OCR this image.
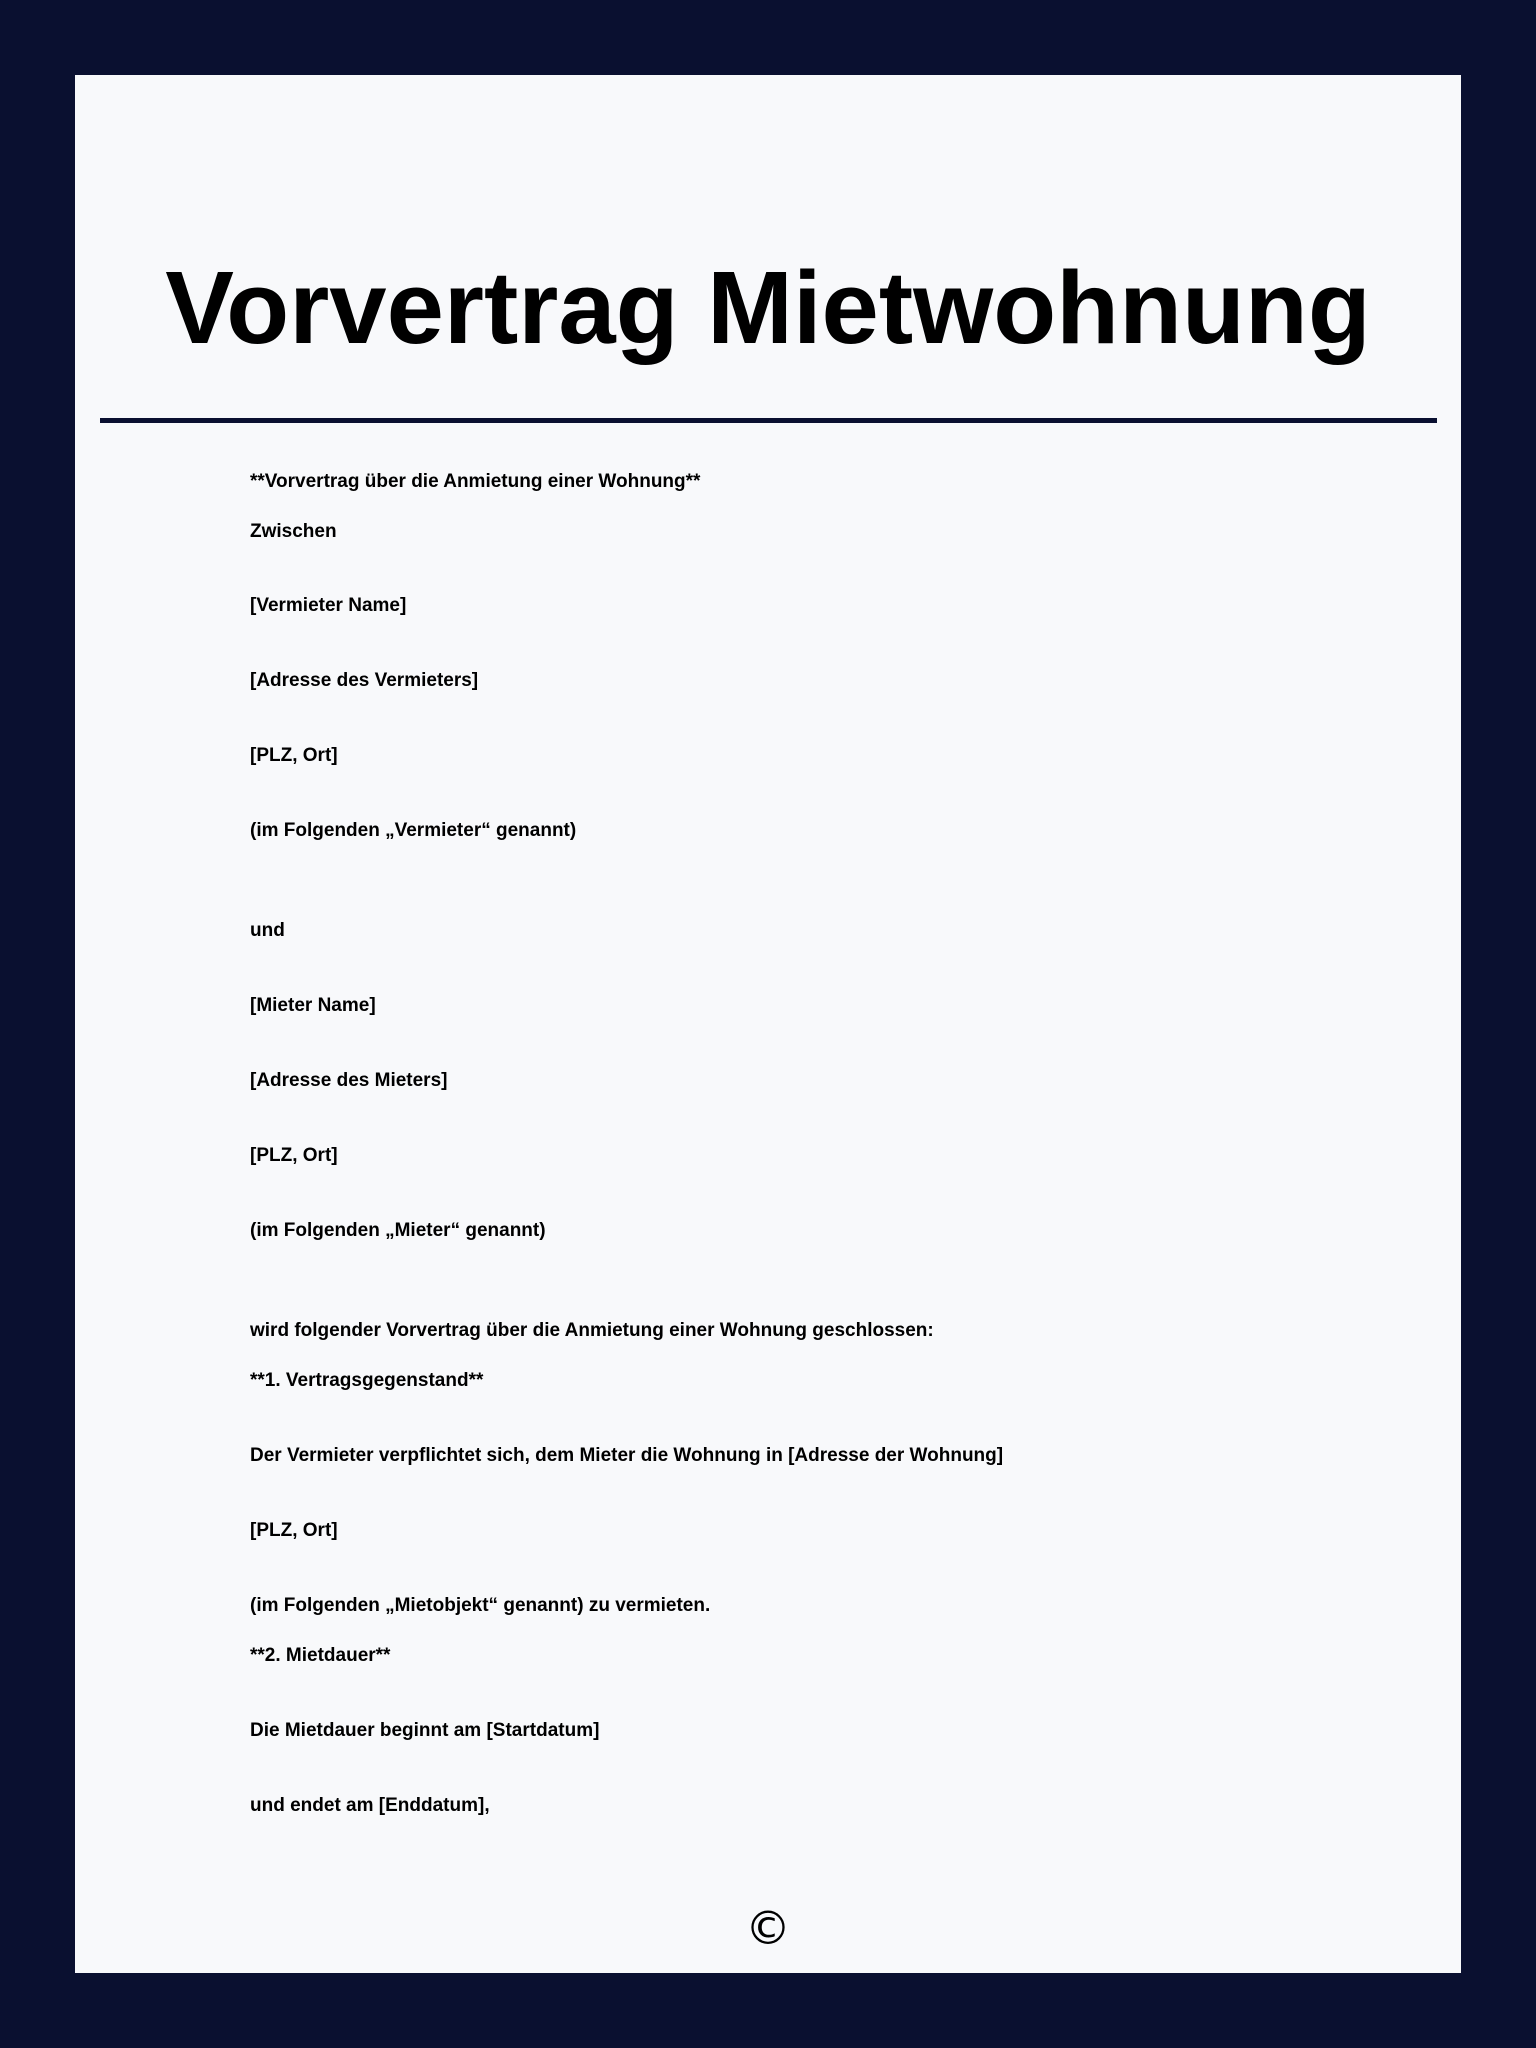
Vorvertrag Mietwohnung

**Vorvertrag über die Anmietung einer Wohnung**

Zwischen

[Vermieter Name]

[Adresse des Vermieters]

[PLZ, Ort]

(im Folgenden „Vermieter“ genannt)

und

[Mieter Name]

[Adresse des Mieters]

[PLZ, Ort]

(im Folgenden „Mieter“ genannt)

wird folgender Vorvertrag über die Anmietung einer Wohnung geschlossen:

**1. Vertragsgegenstand**

Der Vermieter verpflichtet sich, dem Mieter die Wohnung in [Adresse der Wohnung]

[PLZ, Ort]

(im Folgenden „Mietobjekt“ genannt) zu vermieten.

**2. Mietdauer**

Die Mietdauer beginnt am [Startdatum]

und endet am [Enddatum],

©
